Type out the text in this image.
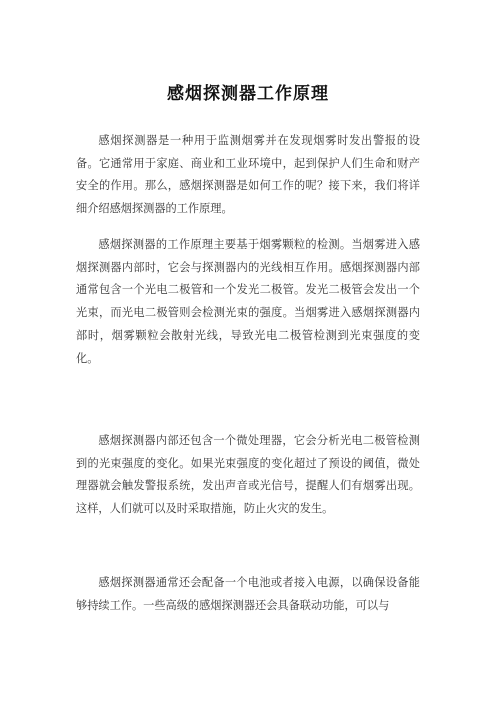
感烟探测器工作原理

感烟探测器是一种用于监测烟雾并在发现烟雾时发出警报的设备。它通常用于家庭、商业和工业环境中，起到保护人们生命和财产安全的作用。那么，感烟探测器是如何工作的呢？接下来，我们将详细介绍感烟探测器的工作原理。

感烟探测器的工作原理主要基于烟雾颗粒的检测。当烟雾进入感烟探测器内部时，它会与探测器内的光线相互作用。感烟探测器内部通常包含一个光电二极管和一个发光二极管。发光二极管会发出一个光束，而光电二极管则会检测光束的强度。当烟雾进入感烟探测器内部时，烟雾颗粒会散射光线，导致光电二极管检测到光束强度的变化。

感烟探测器内部还包含一个微处理器，它会分析光电二极管检测到的光束强度的变化。如果光束强度的变化超过了预设的阈值，微处理器就会触发警报系统，发出声音或光信号，提醒人们有烟雾出现。这样，人们就可以及时采取措施，防止火灾的发生。

感烟探测器通常还会配备一个电池或者接入电源，以确保设备能够持续工作。一些高级的感烟探测器还会具备联动功能，可以与
